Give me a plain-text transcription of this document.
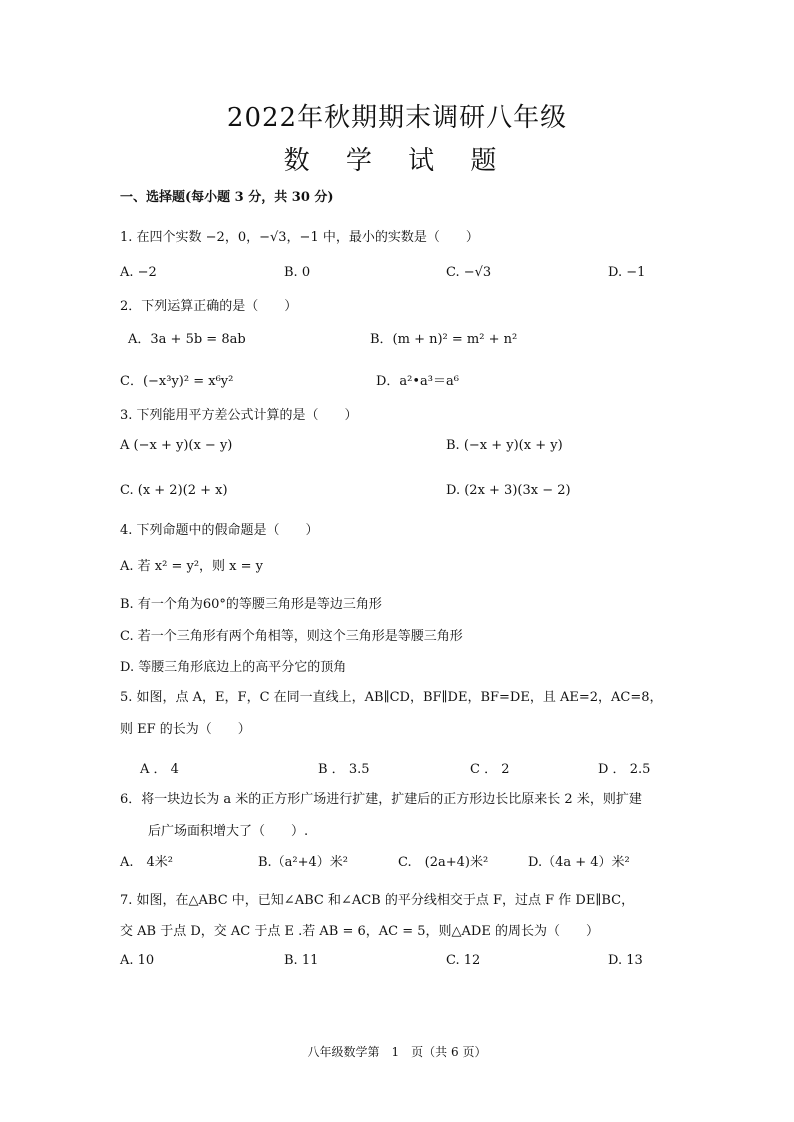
2022年秋期期末调研八年级
数 学 试 题
一、选择题(每小题 3 分，共 30 分)
1. 在四个实数 −2，0，−√3，−1 中，最小的实数是（　　）
A. −2	B. 0	C. −√3	D. −1
2．下列运算正确的是（　　）
A．3a + 5b = 8ab	B．(m + n)² = m² + n²
C．(−x³y)² = x⁶y²	D．a²•a³＝a⁶
3. 下列能用平方差公式计算的是（　　）
A (−x + y)(x − y)	B. (−x + y)(x + y)
C. (x + 2)(2 + x)	D. (2x + 3)(3x − 2)
4. 下列命题中的假命题是（　　）
A. 若 x² = y²，则 x = y
B. 有一个角为60°的等腰三角形是等边三角形
C. 若一个三角形有两个角相等，则这个三角形是等腰三角形
D. 等腰三角形底边上的高平分它的顶角
5. 如图，点 A，E，F，C 在同一直线上，AB∥CD，BF∥DE，BF=DE，且 AE=2，AC=8，
则 EF 的长为（　　）
A ． 4	B ． 3.5	C ． 2	D ． 2.5
6．将一块边长为 a 米的正方形广场进行扩建，扩建后的正方形边长比原来长 2 米，则扩建
后广场面积增大了（　　）.
A.　4米²	B.（a²+4）米²	C.　(2a+4)米²	D.（4a + 4）米²
7. 如图，在△ABC 中，已知∠ABC 和∠ACB 的平分线相交于点 F，过点 F 作 DE∥BC，
交 AB 于点 D，交 AC 于点 E .若 AB = 6，AC = 5，则△ADE 的周长为（　　）
A. 10	B. 11	C. 12	D. 13
八年级数学第　1　页（共 6 页）
